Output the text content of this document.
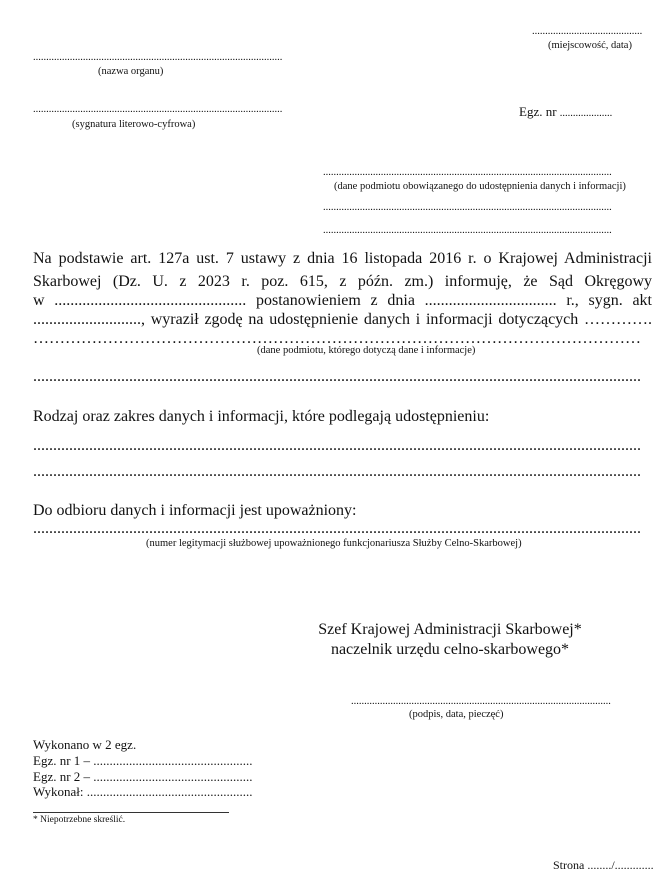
..........................................
(miejscowość, data)
...............................................................................................
(nazwa organu)
...............................................................................................
(sygnatura literowo-cyfrowa)
Egz. nr ....................
..............................................................................................................
(dane podmiotu obowiązanego do udostępnienia danych i informacji)
..............................................................................................................
..............................................................................................................
Na podstawie art. 127a ust. 7 ustawy z dnia 16 listopada 2016 r. o Krajowej Administracji
Skarbowej (Dz. U. z 2023 r. poz. 615, z późn. zm.) informuję, że Sąd Okręgowy
w ................................................ postanowieniem z dnia ................................. r., sygn. akt
..........................., wyraził zgodę na udostępnienie danych i informacji dotyczących ………….
……………………………………………………………………………………………………
(dane podmiotu, którego dotyczą dane i informacje)
........................................................................................................................................................
Rodzaj oraz zakres danych i informacji, które podlegają udostępnieniu:
........................................................................................................................................................
........................................................................................................................................................
Do odbioru danych i informacji jest upoważniony:
........................................................................................................................................................
(numer legitymacji służbowej upoważnionego funkcjonariusza Służby Celno-Skarbowej)
Szef Krajowej Administracji Skarbowej*
naczelnik urzędu celno-skarbowego*
...................................................................................................
(podpis, data, pieczęć)
Wykonano w 2 egz.
Egz. nr 1 – .................................................
Egz. nr 2 – .................................................
Wykonał: ...................................................
* Niepotrzebne skreślić.
Strona ......../.............
